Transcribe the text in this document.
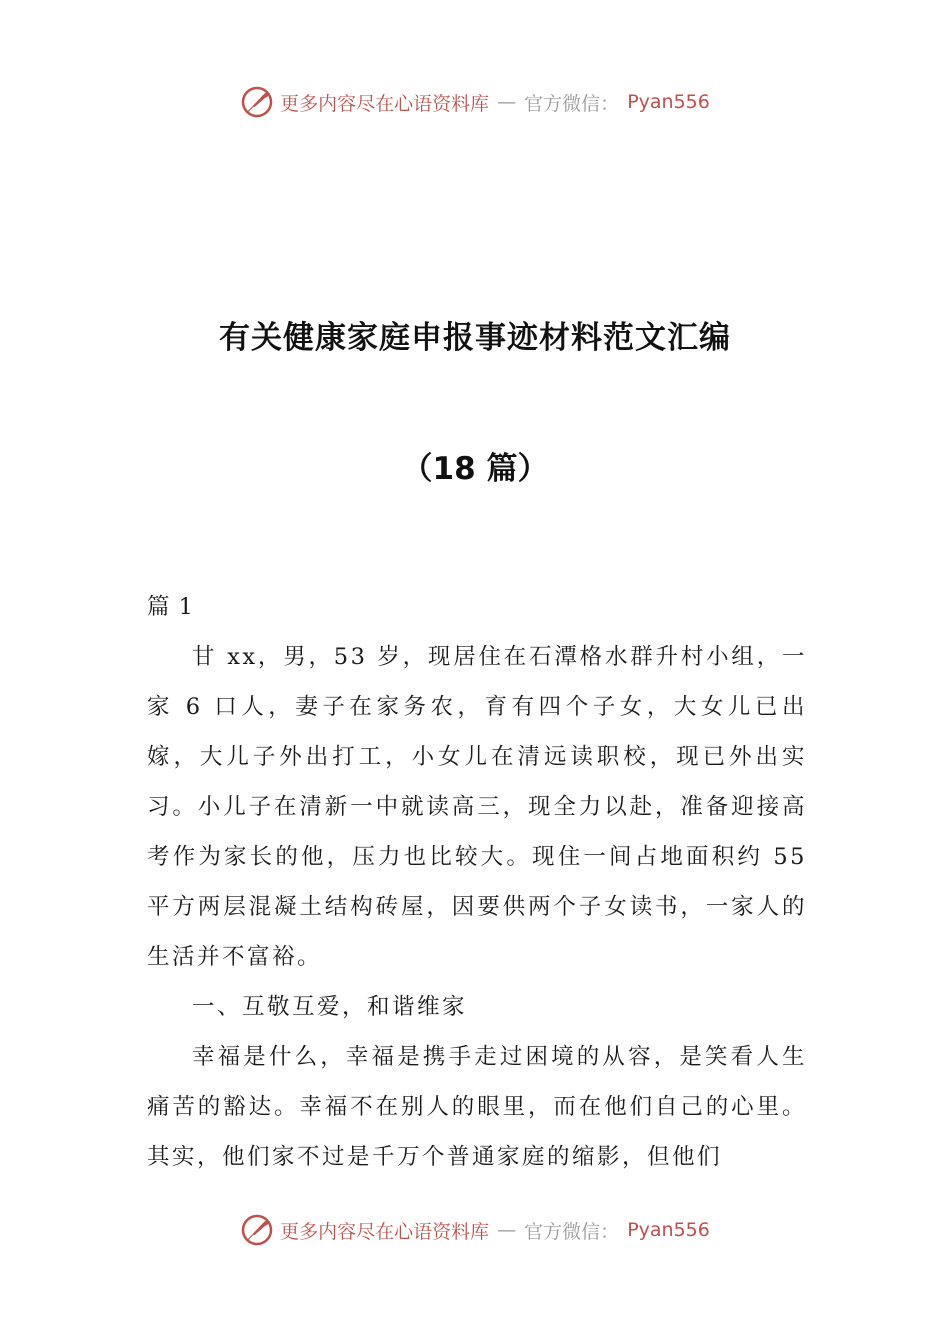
更多内容尽在心语资料库 — 官方微信： Pyan556
有关健康家庭申报事迹材料范文汇编
（18 篇）

篇 1

甘 xx，男，53 岁，现居住在石潭格水群升村小组，一家 6 口人，妻子在家务农，育有四个子女，大女儿已出嫁，大儿子外出打工，小女儿在清远读职校，现已外出实习。小儿子在清新一中就读高三，现全力以赴，准备迎接高考作为家长的他，压力也比较大。现住一间占地面积约 55 平方两层混凝土结构砖屋，因要供两个子女读书，一家人的生活并不富裕。

一、互敬互爱，和谐维家

幸福是什么，幸福是携手走过困境的从容，是笑看人生痛苦的豁达。幸福不在别人的眼里，而在他们自己的心里。其实，他们家不过是千万个普通家庭的缩影，但他们

更多内容尽在心语资料库 — 官方微信： Pyan556
